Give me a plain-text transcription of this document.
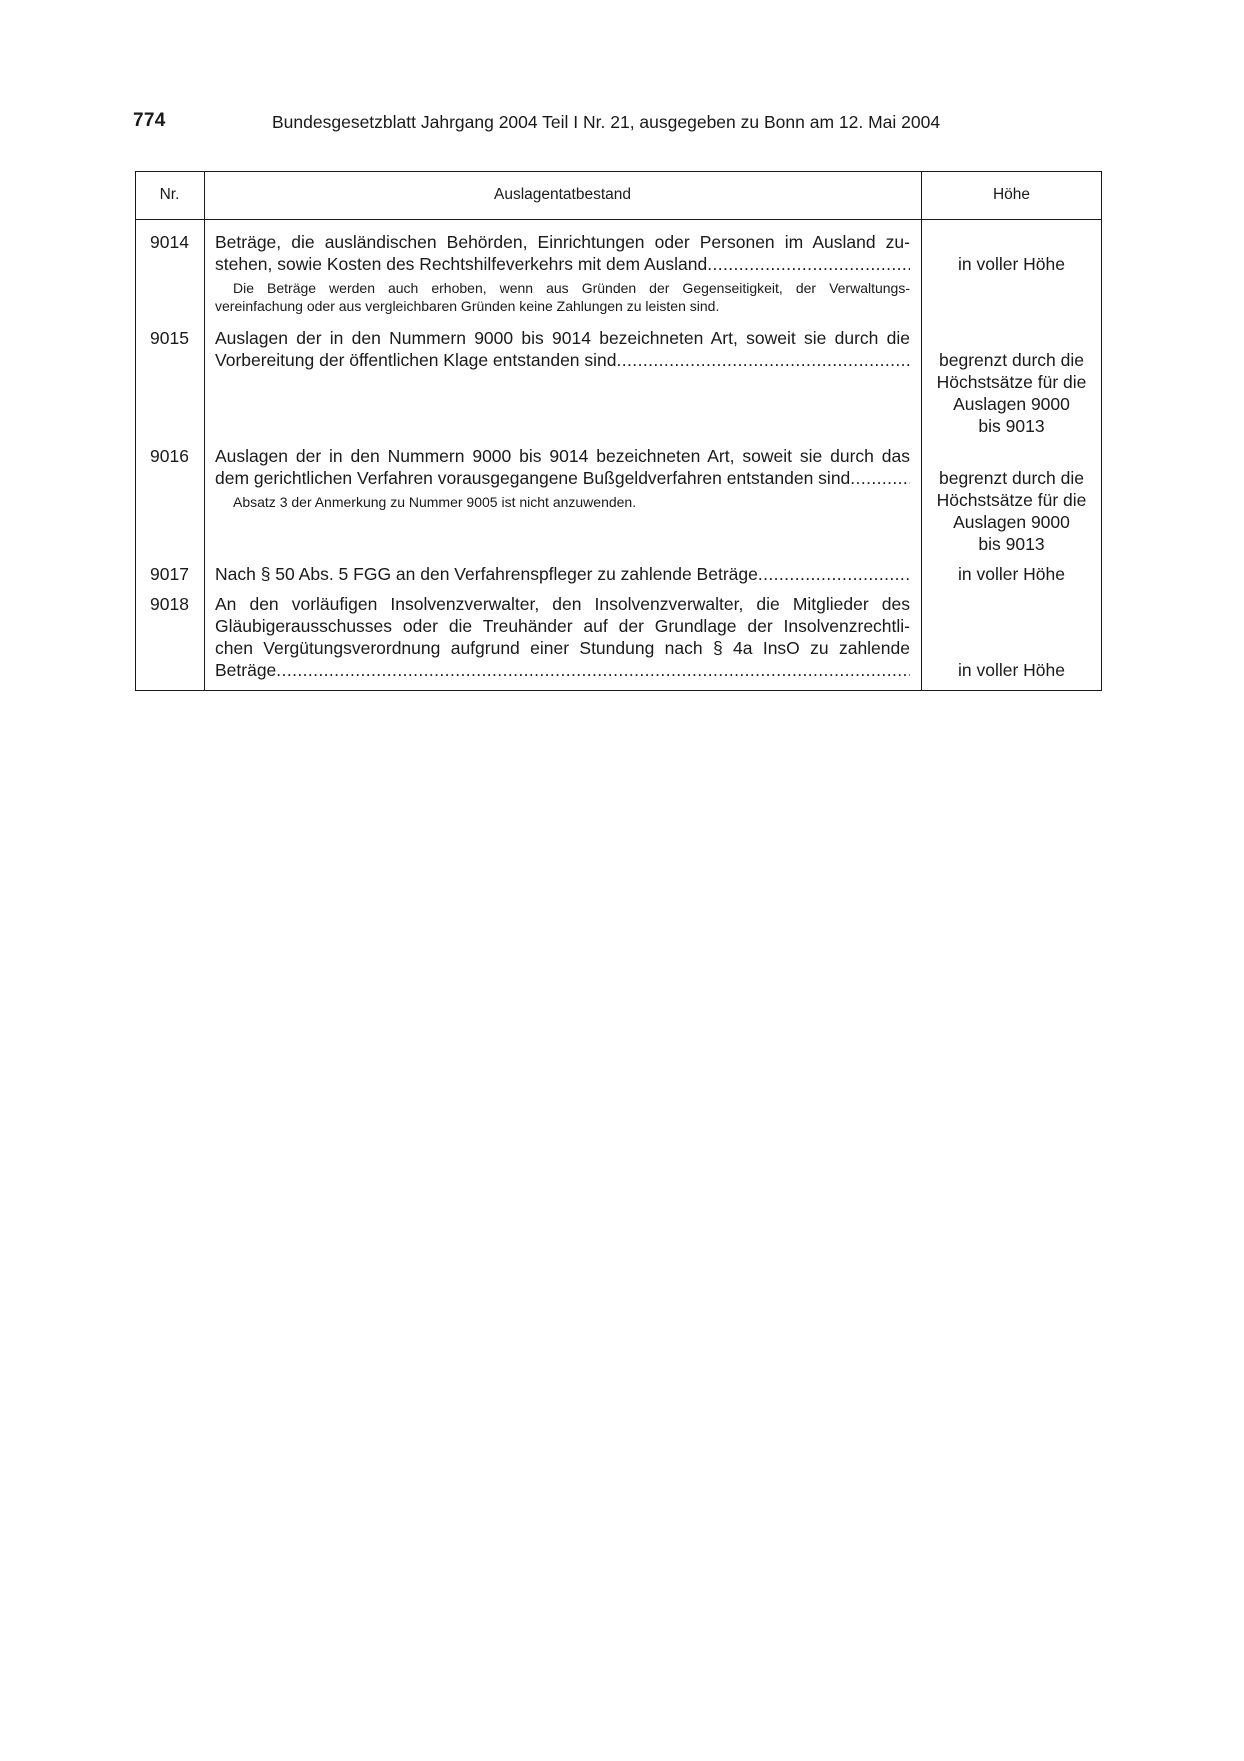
774	Bundesgesetzblatt Jahrgang 2004 Teil I Nr. 21, ausgegeben zu Bonn am 12. Mai 2004
Nr.	Auslagentatbestand	Höhe
9014	Beträge, die ausländischen Behörden, Einrichtungen oder Personen im Ausland zu-
stehen, sowie Kosten des Rechtshilfeverkehrs mit dem Ausland .....	in voller Höhe
Die Beträge werden auch erhoben, wenn aus Gründen der Gegenseitigkeit, der Verwaltungs-
vereinfachung oder aus vergleichbaren Gründen keine Zahlungen zu leisten sind.
9015	Auslagen der in den Nummern 9000 bis 9014 bezeichneten Art, soweit sie durch die
Vorbereitung der öffentlichen Klage entstanden sind .....	begrenzt durch die
Höchstsätze für die
Auslagen 9000
bis 9013
9016	Auslagen der in den Nummern 9000 bis 9014 bezeichneten Art, soweit sie durch das
dem gerichtlichen Verfahren vorausgegangene Bußgeldverfahren entstanden sind .....	begrenzt durch die
Höchstsätze für die
Auslagen 9000
bis 9013
Absatz 3 der Anmerkung zu Nummer 9005 ist nicht anzuwenden.
9017	Nach § 50 Abs. 5 FGG an den Verfahrenspfleger zu zahlende Beträge .....	in voller Höhe
9018	An den vorläufigen Insolvenzverwalter, den Insolvenzverwalter, die Mitglieder des
Gläubigerausschusses oder die Treuhänder auf der Grundlage der Insolvenzrechtli-
chen Vergütungsverordnung aufgrund einer Stundung nach § 4a InsO zu zahlende
Beträge .....	in voller Höhe
